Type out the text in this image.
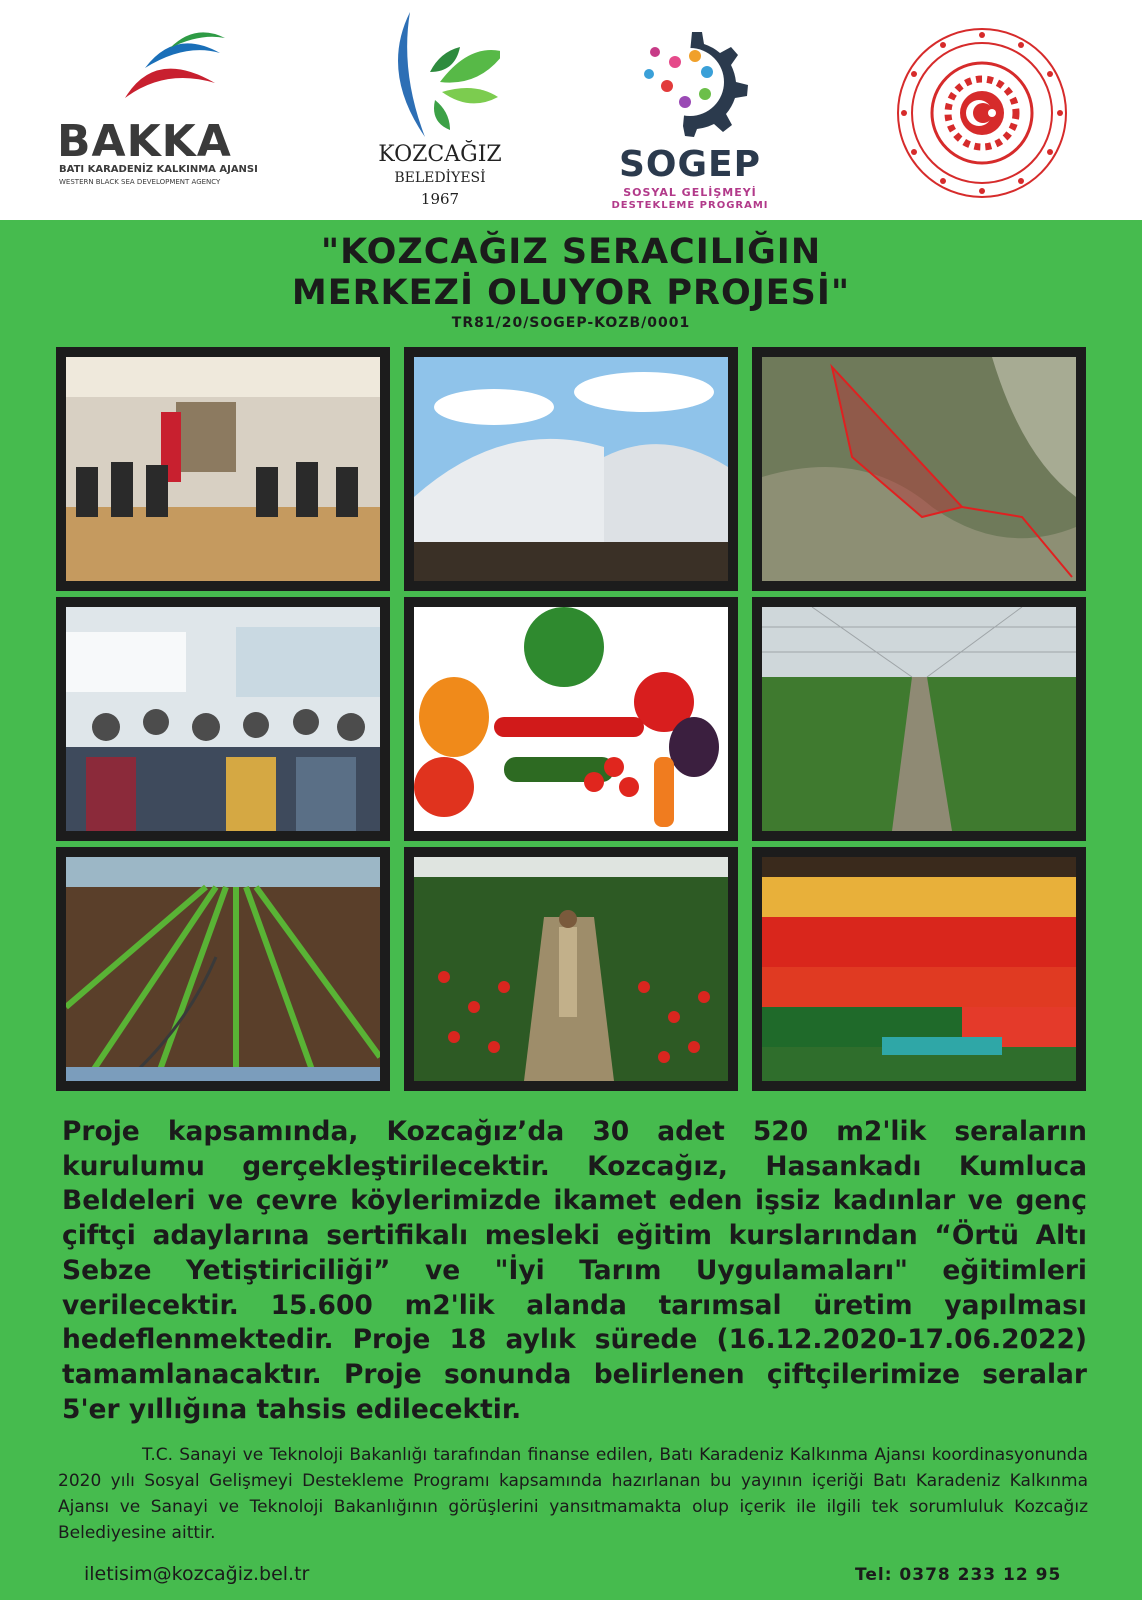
BAKKA
BATI KARADENİZ KALKINMA AJANSI
WESTERN BLACK SEA DEVELOPMENT AGENCY
KOZCAĞIZ
BELEDİYESİ
1967
SOGEP
SOSYAL GELİŞMEYİ
DESTEKLEME PROGRAMI
"KOZCAĞIZ SERACILIĞIN
MERKEZİ OLUYOR PROJESİ"
TR81/20/SOGEP-KOZB/0001
Proje kapsamında, Kozcağız’da 30 adet 520 m2'lik seraların kurulumu gerçekleştirilecektir. Kozcağız, Hasankadı Kumluca Beldeleri ve çevre köylerimizde ikamet eden işsiz kadınlar ve genç çiftçi adaylarına sertifikalı mesleki eğitim kurslarından “Örtü Altı Sebze Yetiştiriciliği” ve "İyi Tarım Uygulamaları" eğitimleri verilecektir. 15.600 m2'lik alanda tarımsal üretim yapılması hedeflenmektedir. Proje 18 aylık sürede (16.12.2020-17.06.2022) tamamlanacaktır. Proje sonunda belirlenen çiftçilerimize seralar 5'er yıllığına tahsis edilecektir.
T.C. Sanayi ve Teknoloji Bakanlığı tarafından finanse edilen, Batı Karadeniz Kalkınma Ajansı koordinasyonunda 2020 yılı Sosyal Gelişmeyi Destekleme Programı kapsamında hazırlanan bu yayının içeriği Batı Karadeniz Kalkınma Ajansı ve Sanayi ve Teknoloji Bakanlığının görüşlerini yansıtmamakta olup içerik ile ilgili tek sorumluluk Kozcağız Belediyesine aittir.
iletisim@kozcağiz.bel.tr	Tel: 0378 233 12 95
